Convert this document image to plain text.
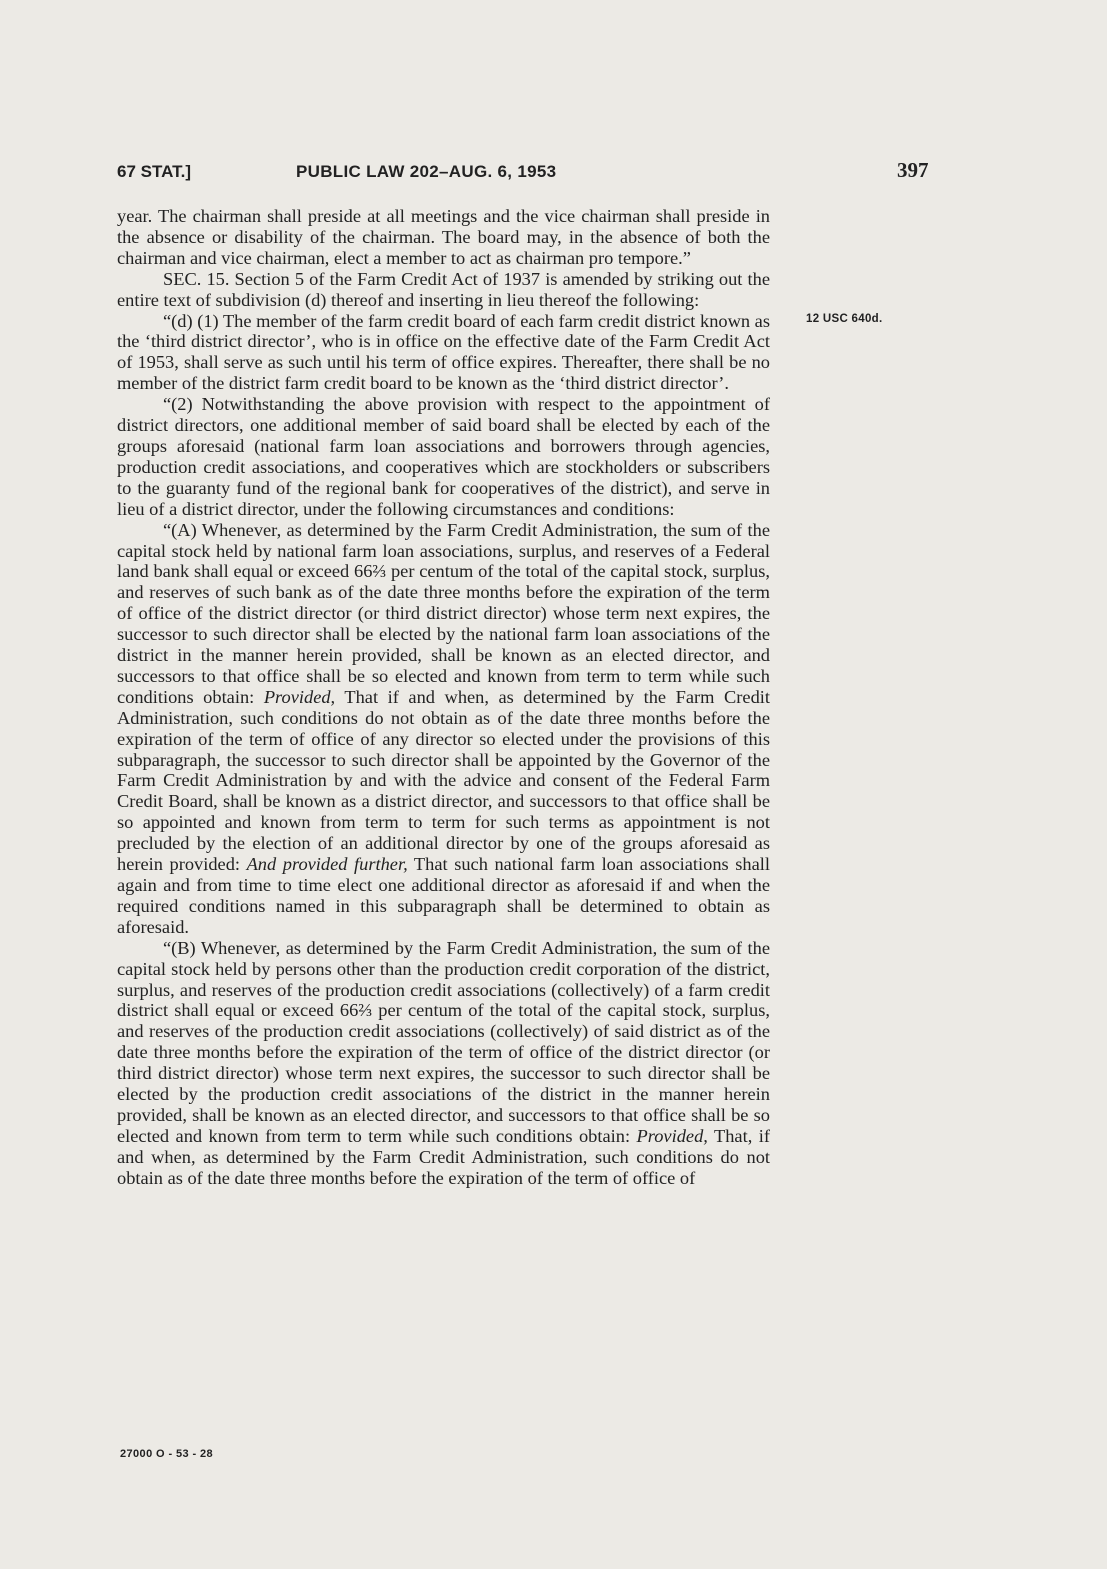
67 STAT.]	PUBLIC LAW 202–AUG. 6, 1953	397
12 USC 640d.

year. The chairman shall preside at all meetings and the vice chairman shall preside in the absence or disability of the chairman. The board may, in the absence of both the chairman and vice chairman, elect a member to act as chairman pro tempore.”

SEC. 15. Section 5 of the Farm Credit Act of 1937 is amended by striking out the entire text of subdivision (d) thereof and inserting in lieu thereof the following:

“(d) (1) The member of the farm credit board of each farm credit district known as the ‘third district director’, who is in office on the effective date of the Farm Credit Act of 1953, shall serve as such until his term of office expires. Thereafter, there shall be no member of the district farm credit board to be known as the ‘third district director’.

“(2) Notwithstanding the above provision with respect to the appointment of district directors, one additional member of said board shall be elected by each of the groups aforesaid (national farm loan associations and borrowers through agencies, production credit associations, and cooperatives which are stockholders or subscribers to the guaranty fund of the regional bank for cooperatives of the district), and serve in lieu of a district director, under the following circumstances and conditions:

“(A) Whenever, as determined by the Farm Credit Administration, the sum of the capital stock held by national farm loan associations, surplus, and reserves of a Federal land bank shall equal or exceed 66⅔ per centum of the total of the capital stock, surplus, and reserves of such bank as of the date three months before the expiration of the term of office of the district director (or third district director) whose term next expires, the successor to such director shall be elected by the national farm loan associations of the district in the manner herein provided, shall be known as an elected director, and successors to that office shall be so elected and known from term to term while such conditions obtain: Provided, That if and when, as determined by the Farm Credit Administration, such conditions do not obtain as of the date three months before the expiration of the term of office of any director so elected under the provisions of this subparagraph, the successor to such director shall be appointed by the Governor of the Farm Credit Administration by and with the advice and consent of the Federal Farm Credit Board, shall be known as a district director, and successors to that office shall be so appointed and known from term to term for such terms as appointment is not precluded by the election of an additional director by one of the groups aforesaid as herein provided: And provided further, That such national farm loan associations shall again and from time to time elect one additional director as aforesaid if and when the required conditions named in this subparagraph shall be determined to obtain as aforesaid.

“(B) Whenever, as determined by the Farm Credit Administration, the sum of the capital stock held by persons other than the production credit corporation of the district, surplus, and reserves of the production credit associations (collectively) of a farm credit district shall equal or exceed 66⅔ per centum of the total of the capital stock, surplus, and reserves of the production credit associations (collectively) of said district as of the date three months before the expiration of the term of office of the district director (or third district director) whose term next expires, the successor to such director shall be elected by the production credit associations of the district in the manner herein provided, shall be known as an elected director, and successors to that office shall be so elected and known from term to term while such conditions obtain: Provided, That, if and when, as determined by the Farm Credit Administration, such conditions do not obtain as of the date three months before the expiration of the term of office of

27000 O - 53 - 28
